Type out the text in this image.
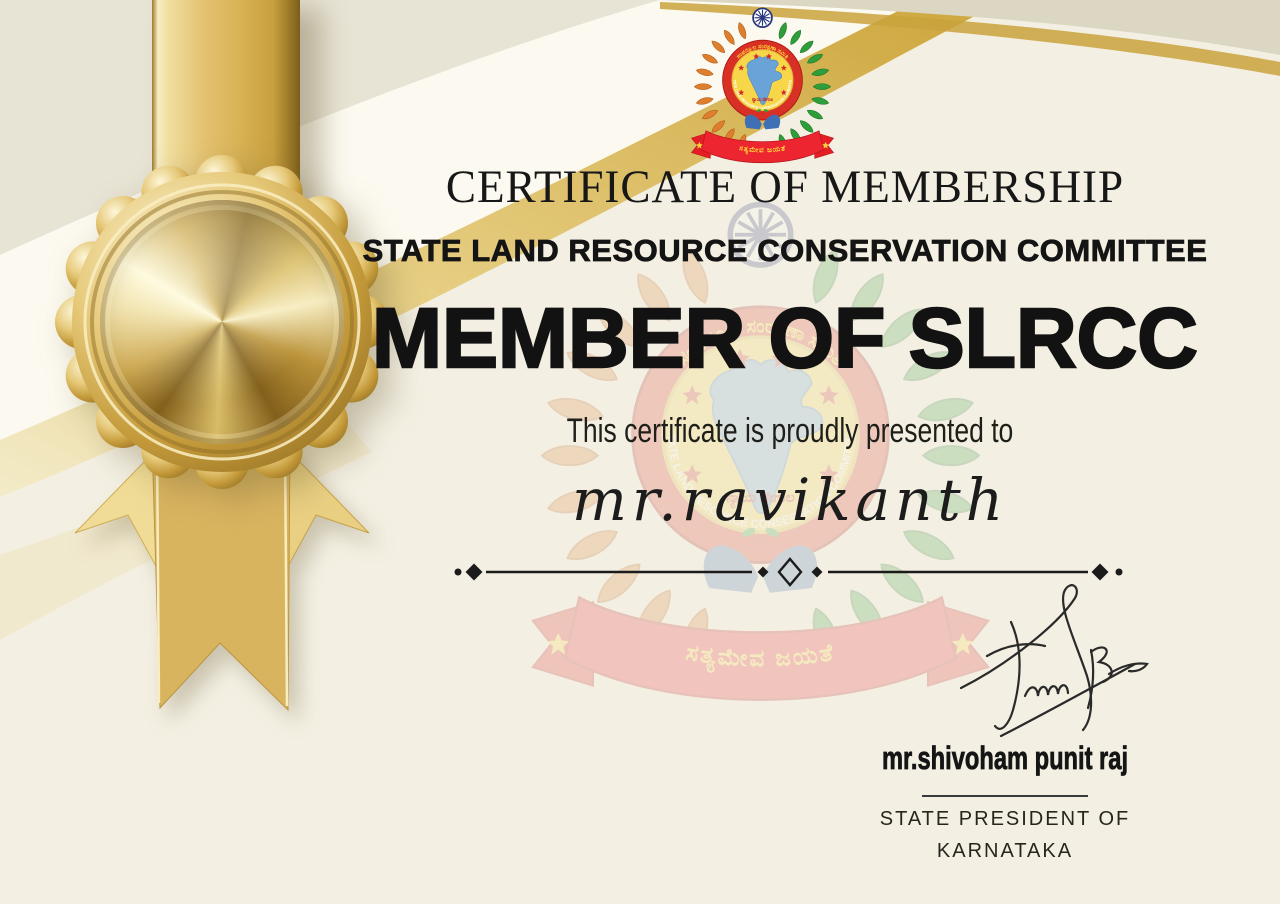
CERTIFICATE OF MEMBERSHIP
STATE LAND RESOURCE CONSERVATION COMMITTEE
MEMBER OF SLRCC
This certificate is proudly presented to
mr.ravikanth
mr.shivoham punit raj
STATE PRESIDENT OF
KARNATAKA
